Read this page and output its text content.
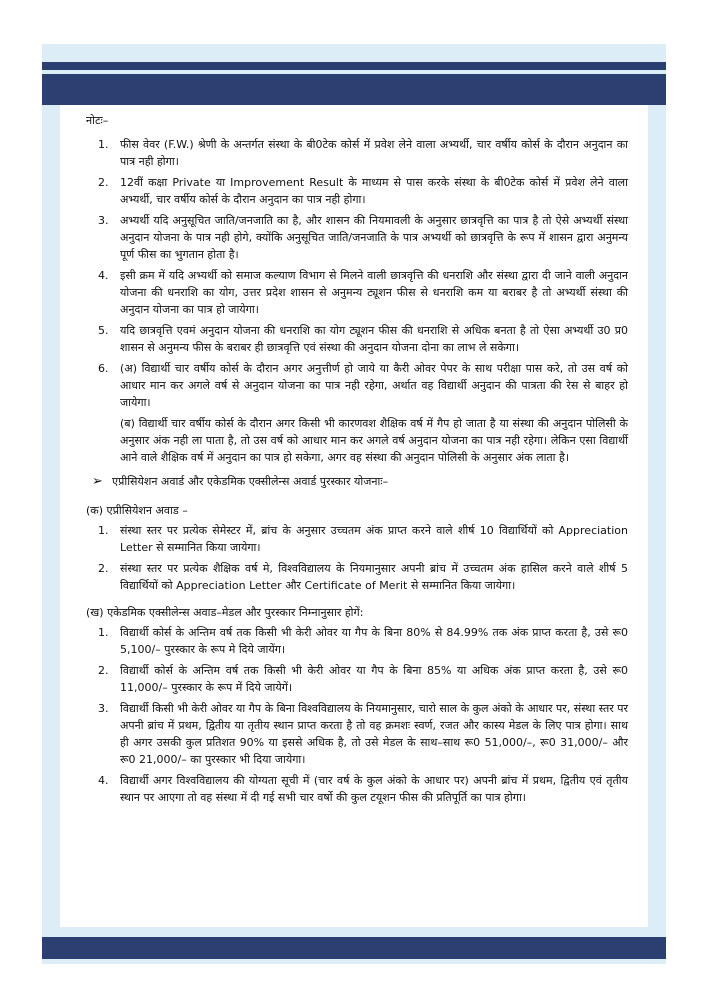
नोटः–
1. फीस वेवर (F.W.) श्रेणी के अन्तर्गत संस्था के बी0टेक कोर्स में प्रवेश लेने वाला अभ्यर्थी, चार वर्षीय कोर्स के दौरान अनुदान का पात्र नही होगा।
2. 12वीं कक्षा Private या Improvement Result के माध्यम से पास करके संस्था के बी0टेक कोर्स में प्रवेश लेने वाला अभ्यर्थी, चार वर्षीय कोर्स के दौरान अनुदान का पात्र नही होगा।
3. अभ्यर्थी यदि अनुसूचित जाति/जनजाति का है, और शासन की नियमावली के अनुसार छात्रवृत्ति का पात्र है तो ऐसे अभ्यर्थी संस्था अनुदान योजना के पात्र नही होगे, क्योंकि अनुसूचित जाति/जनजाति के पात्र अभ्यर्थी को छात्रवृत्ति के रूप में शासन द्वारा अनुमन्य पूर्ण फीस का भुगतान होता है।
4. इसी क्रम में यदि अभ्यर्थी को समाज कल्याण विभाग से मिलने वाली छात्रवृत्ति की धनराशि और संस्था द्वारा दी जाने वाली अनुदान योजना की धनराशि का योग, उत्तर प्रदेश शासन से अनुमन्य ट्यूशन फीस से धनराशि कम या बराबर है तो अभ्यर्थी संस्था की अनुदान योजना का पात्र हो जायेगा।
5. यदि छात्रवृत्ति एवमं अनुदान योजना की धनराशि का योग ट्यूशन फीस की धनराशि से अधिक बनता है तो ऐसा अभ्यर्थी उ0 प्र0 शासन से अनुमन्य फीस के बराबर ही छात्रवृत्ति एवं संस्था की अनुदान योजना दोना का लाभ ले सकेगा।
6. (अ) विद्यार्थी चार वर्षीय कोर्स के दौरान अगर अनुत्तीर्ण हो जाये या कैरी ओवर पेपर के साथ परीक्षा पास करे, तो उस वर्ष को आधार मान कर अगले वर्ष से अनुदान योजना का पात्र नही रहेगा, अर्थात वह विद्यार्थी अनुदान की पात्रता की रेस से बाहर हो जायेगा।
(ब) विद्यार्थी चार वर्षीय कोर्स के दौरान अगर किसी भी कारणवश शैक्षिक वर्ष में गैप हो जाता है या संस्था की अनुदान पोलिसी के अनुसार अंक नही ला पाता है, तो उस वर्ष को आधार मान कर अगले वर्ष अनुदान योजना का पात्र नही रहेगा। लेकिन एसा विद्यार्थी आने वाले शैक्षिक वर्ष में अनुदान का पात्र हो सकेगा, अगर वह संस्था की अनुदान पोलिसी के अनुसार अंक लाता है।
➢ एप्रीसियेशन अवार्ड और एकेडमिक एक्सीलेन्स अवार्ड पुरस्कार योजनाः–
(क) एप्रीसियेशन अवाड –
1. संस्था स्तर पर प्रत्येक सेमेस्टर में, ब्रांच के अनुसार उच्चतम अंक प्राप्त करने वाले शीर्ष 10 विद्यार्थियों को Appreciation Letter से सम्मानित किया जायेगा।
2. संस्था स्तर पर प्रत्येक शैक्षिक वर्ष मे, विश्वविद्यालय के नियमानुसार अपनी ब्रांच में उच्चतम अंक हासिल करने वाले शीर्ष 5 विद्यार्थियों को Appreciation Letter और Certificate of Merit से सम्मानित किया जायेगा।
(ख) एकेडमिक एक्सीलेन्स अवाड–मेडल और पुरस्कार निम्नानुसार होगें:
1. विद्यार्थी कोर्स के अन्तिम वर्ष तक किसी भी केरी ओवर या गैप के बिना 80% से 84.99% तक अंक प्राप्त करता है, उसे रू0 5,100/– पुरस्कार के रूप मे दिये जायेंग।
2. विद्यार्थी कोर्स के अन्तिम वर्ष तक किसी भी केरी ओवर या गैप के बिना 85% या अधिक अंक प्राप्त करता है, उसे रू0 11,000/– पुरस्कार के रूप में दिये जायेगें।
3. विद्यार्थी किसी भी केरी ओवर या गैप के बिना विश्वविद्यालय के नियमानुसार, चारो साल के कुल अंको के आधार पर, संस्था स्तर पर अपनी ब्रांच में प्रथम, द्वितीय या तृतीय स्थान प्राप्त करता है तो वह क्रमशः स्वर्ण, रजत और कास्य मेडल के लिए पात्र होगा। साथ ही अगर उसकी कुल प्रतिशत 90% या इससे अधिक है, तो उसे मेडल के साथ–साथ रू0 51,000/–, रू0 31,000/– और रू0 21,000/– का पुरस्कार भी दिया जायेगा।
4. विद्यार्थी अगर विश्वविद्यालय की योग्यता सूची में (चार वर्ष के कुल अंको के आधार पर) अपनी ब्रांच में प्रथम, द्वितीय एवं तृतीय स्थान पर आएगा तो वह संस्था में दी गई सभी चार वर्षो की कुल टयूशन फीस की प्रतिपूर्ति का पात्र होगा।
